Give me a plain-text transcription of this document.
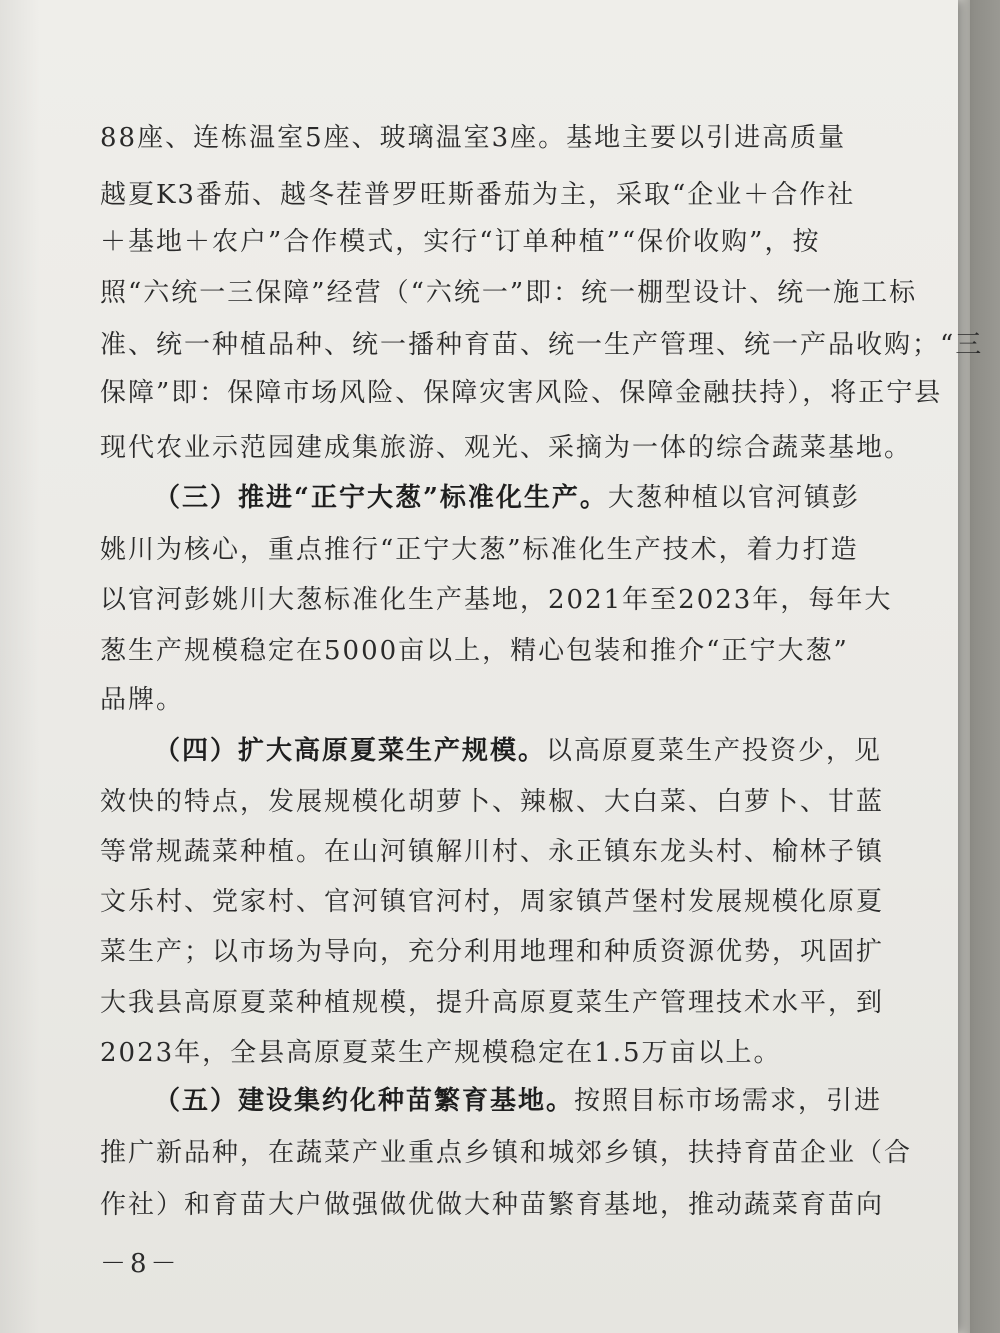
88座、连栋温室5座、玻璃温室3座。基地主要以引进高质量
越夏K3番茄、越冬茬普罗旺斯番茄为主，采取“企业＋合作社
＋基地＋农户”合作模式，实行“订单种植”“保价收购”，按
照“六统一三保障”经营（“六统一”即：统一棚型设计、统一施工标
准、统一种植品种、统一播种育苗、统一生产管理、统一产品收购；“三
保障”即：保障市场风险、保障灾害风险、保障金融扶持），将正宁县
现代农业示范园建成集旅游、观光、采摘为一体的综合蔬菜基地。
（三）推进“正宁大葱”标准化生产。大葱种植以官河镇彭
姚川为核心，重点推行“正宁大葱”标准化生产技术，着力打造
以官河彭姚川大葱标准化生产基地，2021年至2023年，每年大
葱生产规模稳定在5000亩以上，精心包装和推介“正宁大葱”
品牌。
（四）扩大高原夏菜生产规模。以高原夏菜生产投资少，见
效快的特点，发展规模化胡萝卜、辣椒、大白菜、白萝卜、甘蓝
等常规蔬菜种植。在山河镇解川村、永正镇东龙头村、榆林子镇
文乐村、党家村、官河镇官河村，周家镇芦堡村发展规模化原夏
菜生产；以市场为导向，充分利用地理和种质资源优势，巩固扩
大我县高原夏菜种植规模，提升高原夏菜生产管理技术水平，到
2023年，全县高原夏菜生产规模稳定在1.5万亩以上。
（五）建设集约化种苗繁育基地。按照目标市场需求，引进
推广新品种，在蔬菜产业重点乡镇和城郊乡镇，扶持育苗企业（合
作社）和育苗大户做强做优做大种苗繁育基地，推动蔬菜育苗向
－8－
